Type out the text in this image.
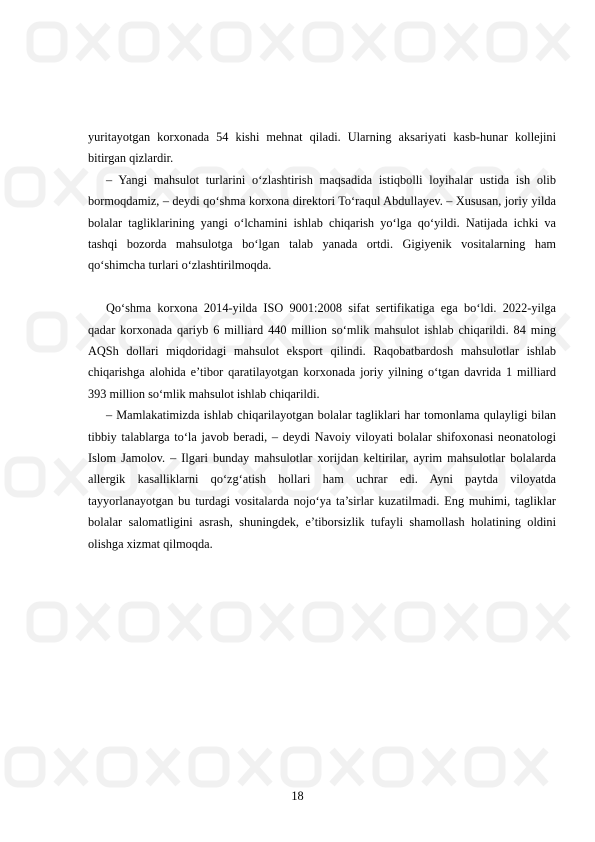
yuritayotgan korxonada 54 kishi mehnat qiladi. Ularning aksariyati kasb-hunar kollejini bitirgan qizlardir.

– Yangi mahsulot turlarini o‘zlashtirish maqsadida istiqbolli loyihalar ustida ish olib bormoqdamiz, – deydi qo‘shma korxona direktori To‘raqul Abdullayev. – Xususan, joriy yilda bolalar tagliklarining yangi o‘lchamini ishlab chiqarish yo‘lga qo‘yildi. Natijada ichki va tashqi bozorda mahsulotga bo‘lgan talab yanada ortdi. Gigiyenik vositalarning ham qo‘shimcha turlari o‘zlashtirilmoqda.

Qo‘shma korxona 2014-yilda ISO 9001:2008 sifat sertifikatiga ega bo‘ldi. 2022-yilga qadar korxonada qariyb 6 milliard 440 million so‘mlik mahsulot ishlab chiqarildi. 84 ming AQSh dollari miqdoridagi mahsulot eksport qilindi. Raqobatbardosh mahsulotlar ishlab chiqarishga alohida e’tibor qaratilayotgan korxonada joriy yilning o‘tgan davrida 1 milliard 393 million so‘mlik mahsulot ishlab chiqarildi.

– Mamlakatimizda ishlab chiqarilayotgan bolalar tagliklari har tomonlama qulayligi bilan tibbiy talablarga to‘la javob beradi, – deydi Navoiy viloyati bolalar shifoxonasi neonatologi Islom Jamolov. – Ilgari bunday mahsulotlar xorijdan keltirilar, ayrim mahsulotlar bolalarda allergik kasalliklarni qo‘zg‘atish hollari ham uchrar edi. Ayni paytda viloyatda tayyorlanayotgan bu turdagi vositalarda nojo‘ya ta’sirlar kuzatilmadi. Eng muhimi, tagliklar bolalar salomatligini asrash, shuningdek, e’tiborsizlik tufayli shamollash holatining oldini olishga xizmat qilmoqda.

18
